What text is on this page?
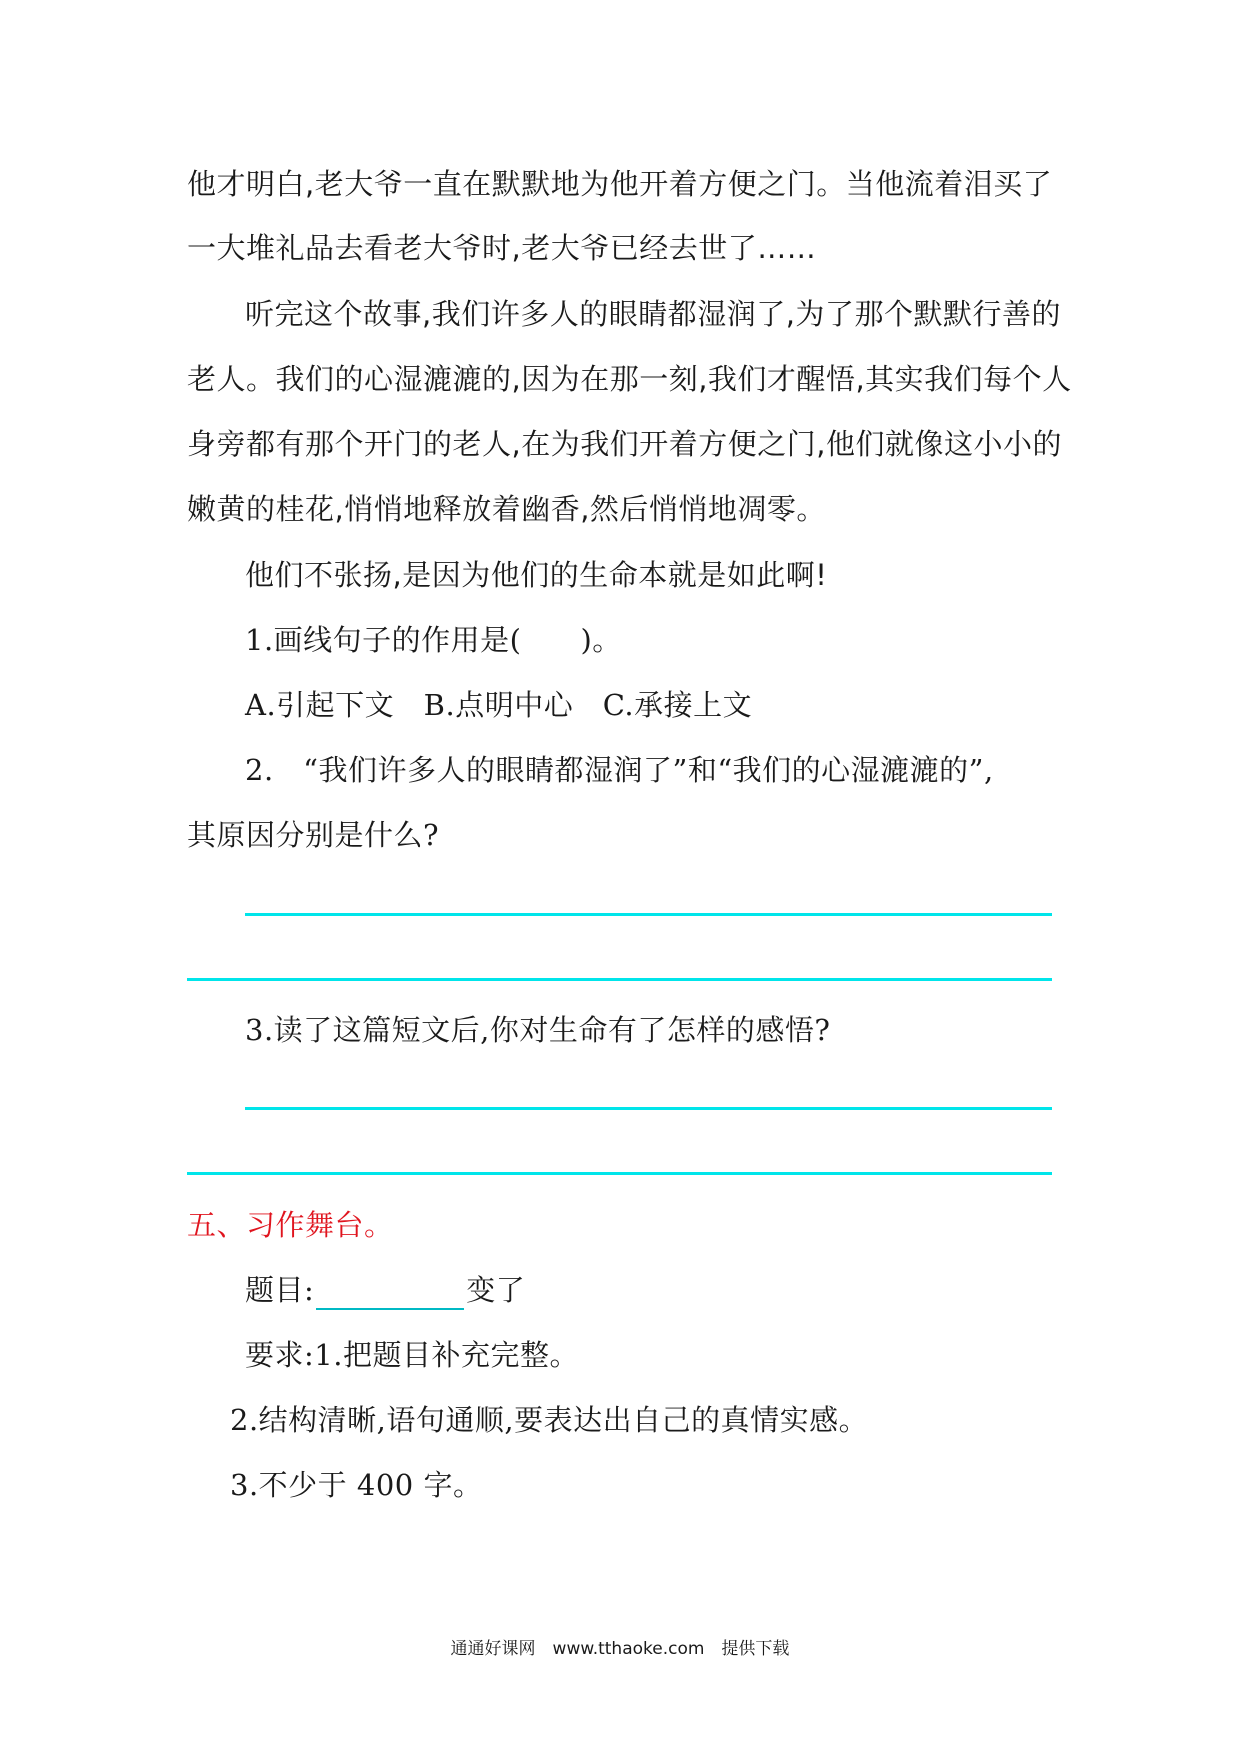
他才明白,老大爷一直在默默地为他开着方便之门。当他流着泪买了
一大堆礼品去看老大爷时,老大爷已经去世了……
听完这个故事,我们许多人的眼睛都湿润了,为了那个默默行善的
老人。我们的心湿漉漉的,因为在那一刻,我们才醒悟,其实我们每个人
身旁都有那个开门的老人,在为我们开着方便之门,他们就像这小小的
嫩黄的桂花,悄悄地释放着幽香,然后悄悄地凋零。
他们不张扬,是因为他们的生命本就是如此啊!
1.画线句子的作用是(　　)。
A.引起下文　B.点明中心　C.承接上文
2.　“我们许多人的眼睛都湿润了”和“我们的心湿漉漉的”,
其原因分别是什么?
3.读了这篇短文后,你对生命有了怎样的感悟?
五、习作舞台。
题目:	变了
要求:1.把题目补充完整。
2.结构清晰,语句通顺,要表达出自己的真情实感。
3.不少于 400 字。
通通好课网　www.tthaoke.com　提供下载
